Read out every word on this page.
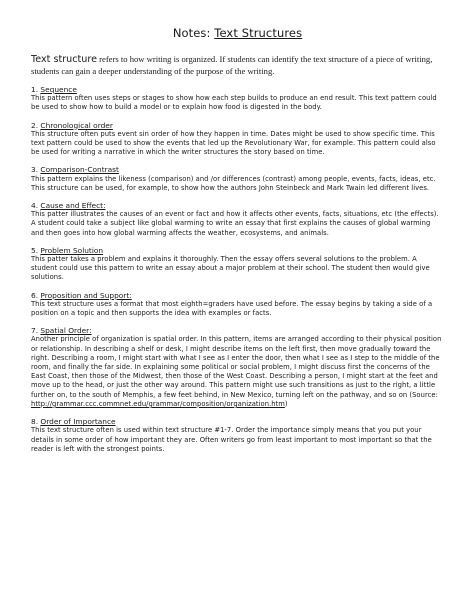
Notes: Text Structures

Text structure refers to how writing is organized. If students can identify the text structure of a piece of writing, students can gain a deeper understanding of the purpose of the writing.

1. Sequence

This pattern often uses steps or stages to show how each step builds to produce an end result. This text pattern could be used to show how to build a model or to explain how food is digested in the body.

2. Chronological order

This structure often puts event sin order of how they happen in time. Dates might be used to show specific time. This text pattern could be used to show the events that led up the Revolutionary War, for example. This pattern could also be used for writing a narrative in which the writer structures the story based on time.

3. Comparison-Contrast

This pattern explains the likeness (comparison) and /or differences (contrast) among people, events, facts, ideas, etc. This structure can be used, for example, to show how the authors John Steinbeck and Mark Twain led different lives.

4. Cause and Effect:

This patter illustrates the causes of an event or fact and how it affects other events, facts, situations, etc (the effects). A student could take a subject like global warming to write an essay that first explains the causes of global warming and then goes into how global warming affects the weather, ecosystems, and animals.

5. Problem Solution

This patter takes a problem and explains it thoroughly. Then the essay offers several solutions to the problem. A student could use this pattern to write an essay about a major problem at their school. The student then would give solutions.

6. Proposition and Support:

This text structure uses a format that most eighth=graders have used before. The essay begins by taking a side of a position on a topic and then supports the idea with examples or facts.

7. Spatial Order:

Another principle of organization is spatial order. In this pattern, items are arranged according to their physical position or relationship. In describing a shelf or desk, I might describe items on the left first, then move gradually toward the right. Describing a room, I might start with what I see as I enter the door, then what I see as I step to the middle of the room, and finally the far side. In explaining some political or social problem, I might discuss first the concerns of the East Coast, then those of the Midwest, then those of the West Coast. Describing a person, I might start at the feet and move up to the head, or just the other way around. This pattern might use such transitions as just to the right, a little further on, to the south of Memphis, a few feet behind, in New Mexico, turning left on the pathway, and so on (Source: http://grammar.ccc.commnet.edu/grammar/composition/organization.htm)

8. Order of Importance

This text structure often is used within text structure #1-7. Order the importance simply means that you put your details in some order of how important they are. Often writers go from least important to most important so that the reader is left with the strongest points.
